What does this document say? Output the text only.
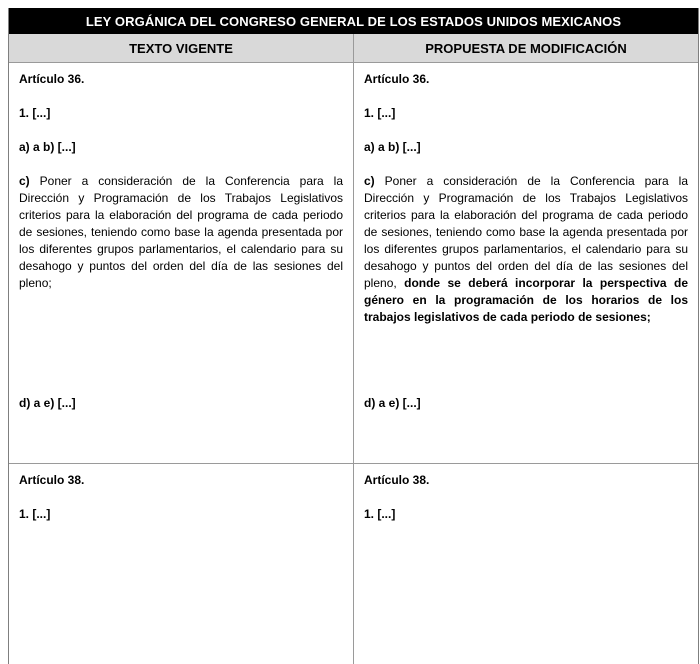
LEY ORGÁNICA DEL CONGRESO GENERAL DE LOS ESTADOS UNIDOS MEXICANOS
TEXTO VIGENTE	PROPUESTA DE MODIFICACIÓN

Artículo 36.

1. [...]

a) a b) [...]

c) Poner a consideración de la Conferencia para la Dirección y Programación de los Trabajos Legislativos criterios para la elaboración del programa de cada periodo de sesiones, teniendo como base la agenda presentada por los diferentes grupos parlamentarios, el calendario para su desahogo y puntos del orden del día de las sesiones del pleno;

d) a e) [...]

Artículo 36.

1. [...]

a) a b) [...]

c) Poner a consideración de la Conferencia para la Dirección y Programación de los Trabajos Legislativos criterios para la elaboración del programa de cada periodo de sesiones, teniendo como base la agenda presentada por los diferentes grupos parlamentarios, el calendario para su desahogo y puntos del orden del día de las sesiones del pleno, donde se deberá incorporar la perspectiva de género en la programación de los horarios de los trabajos legislativos de cada periodo de sesiones;

d) a e) [...]

Artículo 38.

1. [...]

Artículo 38.

1. [...]
